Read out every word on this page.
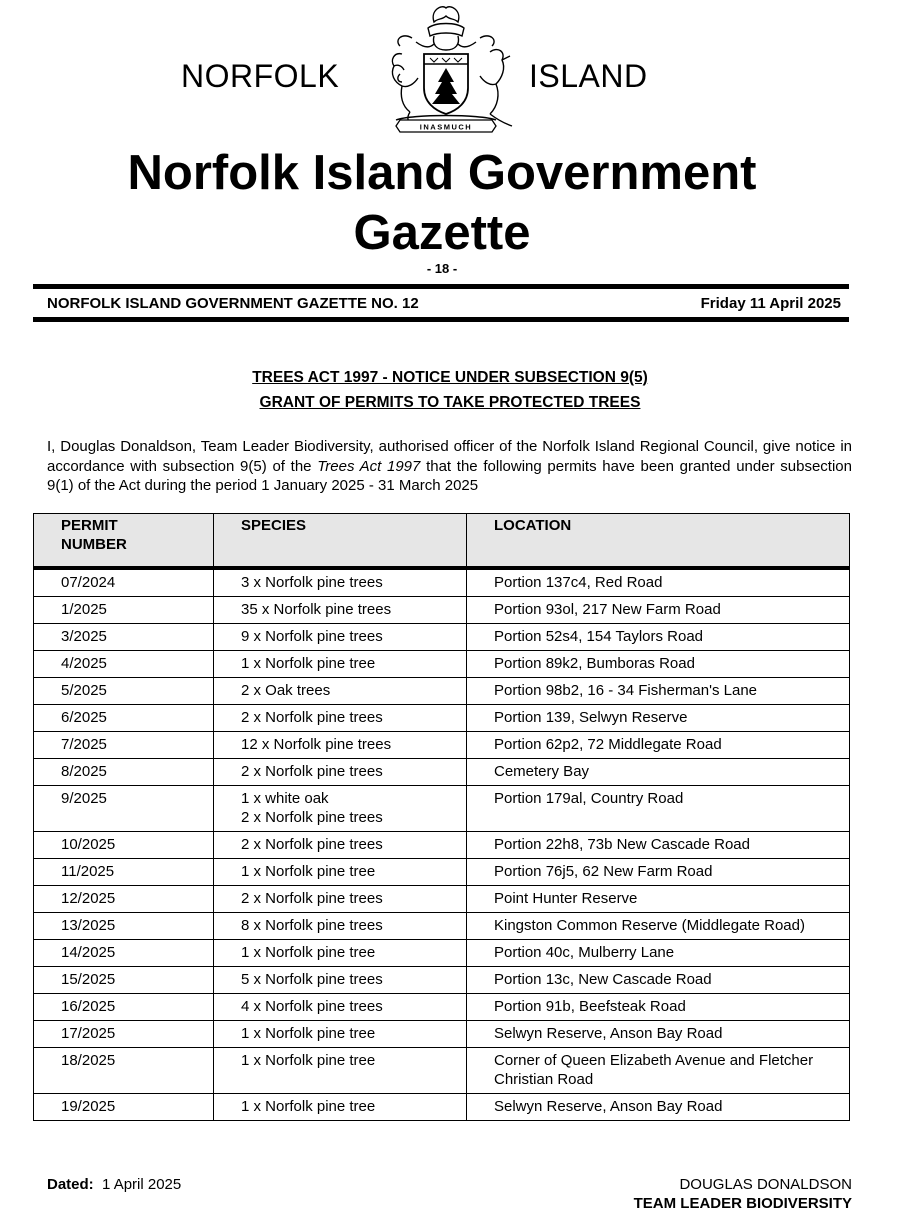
NORFOLK
INASMUCH
ISLAND
Norfolk Island Government
Gazette
- 18 -
NORFOLK ISLAND GOVERNMENT GAZETTE NO. 12	Friday 11 April 2025
TREES ACT 1997 - NOTICE UNDER SUBSECTION 9(5)
GRANT OF PERMITS TO TAKE PROTECTED TREES
I, Douglas Donaldson, Team Leader Biodiversity, authorised officer of the Norfolk Island Regional Council, give notice in accordance with subsection 9(5) of the Trees Act 1997 that the following permits have been granted under subsection 9(1) of the Act during the period 1 January 2025 - 31 March 2025
PERMIT
NUMBER	SPECIES	LOCATION

07/2024	3 x Norfolk pine trees	Portion 137c4, Red Road
1/2025	35 x Norfolk pine trees	Portion 93ol, 217 New Farm Road
3/2025	9 x Norfolk pine trees	Portion 52s4, 154 Taylors Road
4/2025	1 x Norfolk pine tree	Portion 89k2, Bumboras Road
5/2025	2 x Oak trees	Portion 98b2, 16 - 34 Fisherman's Lane
6/2025	2 x Norfolk pine trees	Portion 139, Selwyn Reserve
7/2025	12 x Norfolk pine trees	Portion 62p2, 72 Middlegate Road
8/2025	2 x Norfolk pine trees	Cemetery Bay
9/2025	1 x white oak
2 x Norfolk pine trees	Portion 179al, Country Road
10/2025	2 x Norfolk pine trees	Portion 22h8, 73b New Cascade Road
11/2025	1 x Norfolk pine tree	Portion 76j5, 62 New Farm Road
12/2025	2 x Norfolk pine trees	Point Hunter Reserve
13/2025	8 x Norfolk pine trees	Kingston Common Reserve (Middlegate Road)
14/2025	1 x Norfolk pine tree	Portion 40c, Mulberry Lane
15/2025	5 x Norfolk pine trees	Portion 13c, New Cascade Road
16/2025	4 x Norfolk pine trees	Portion 91b, Beefsteak Road
17/2025	1 x Norfolk pine tree	Selwyn Reserve, Anson Bay Road
18/2025	1 x Norfolk pine tree	Corner of Queen Elizabeth Avenue and Fletcher Christian Road
19/2025	1 x Norfolk pine tree	Selwyn Reserve, Anson Bay Road
Dated: 1 April 2025	DOUGLAS DONALDSON
TEAM LEADER BIODIVERSITY
